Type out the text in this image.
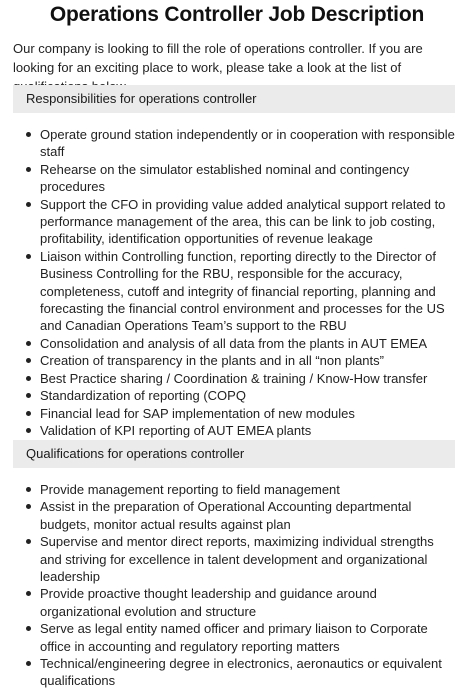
Operations Controller Job Description

Our company is looking to fill the role of operations controller. If you are looking for an exciting place to work, please take a look at the list of

Responsibilities for operations controller
Operate ground station independently or in cooperation with responsible staff
Rehearse on the simulator established nominal and contingency procedures
Support the CFO in providing value added analytical support related to performance management of the area, this can be link to job costing, profitability, identification opportunities of revenue leakage
Liaison within Controlling function, reporting directly to the Director of Business Controlling for the RBU, responsible for the accuracy, completeness, cutoff and integrity of financial reporting, planning and forecasting the financial control environment and processes for the US and Canadian Operations Team’s support to the RBU
Consolidation and analysis of all data from the plants in AUT EMEA
Creation of transparency in the plants and in all “non plants”
Best Practice sharing / Coordination & training / Know-How transfer
Standardization of reporting (COPQ
Financial lead for SAP implementation of new modules
Validation of KPI reporting of AUT EMEA plants
Qualifications for operations controller
Provide management reporting to field management
Assist in the preparation of Operational Accounting departmental budgets, monitor actual results against plan
Supervise and mentor direct reports, maximizing individual strengths and striving for excellence in talent development and organizational leadership
Provide proactive thought leadership and guidance around organizational evolution and structure
Serve as legal entity named officer and primary liaison to Corporate office in accounting and regulatory reporting matters
Technical/engineering degree in electronics, aeronautics or equivalent qualifications
